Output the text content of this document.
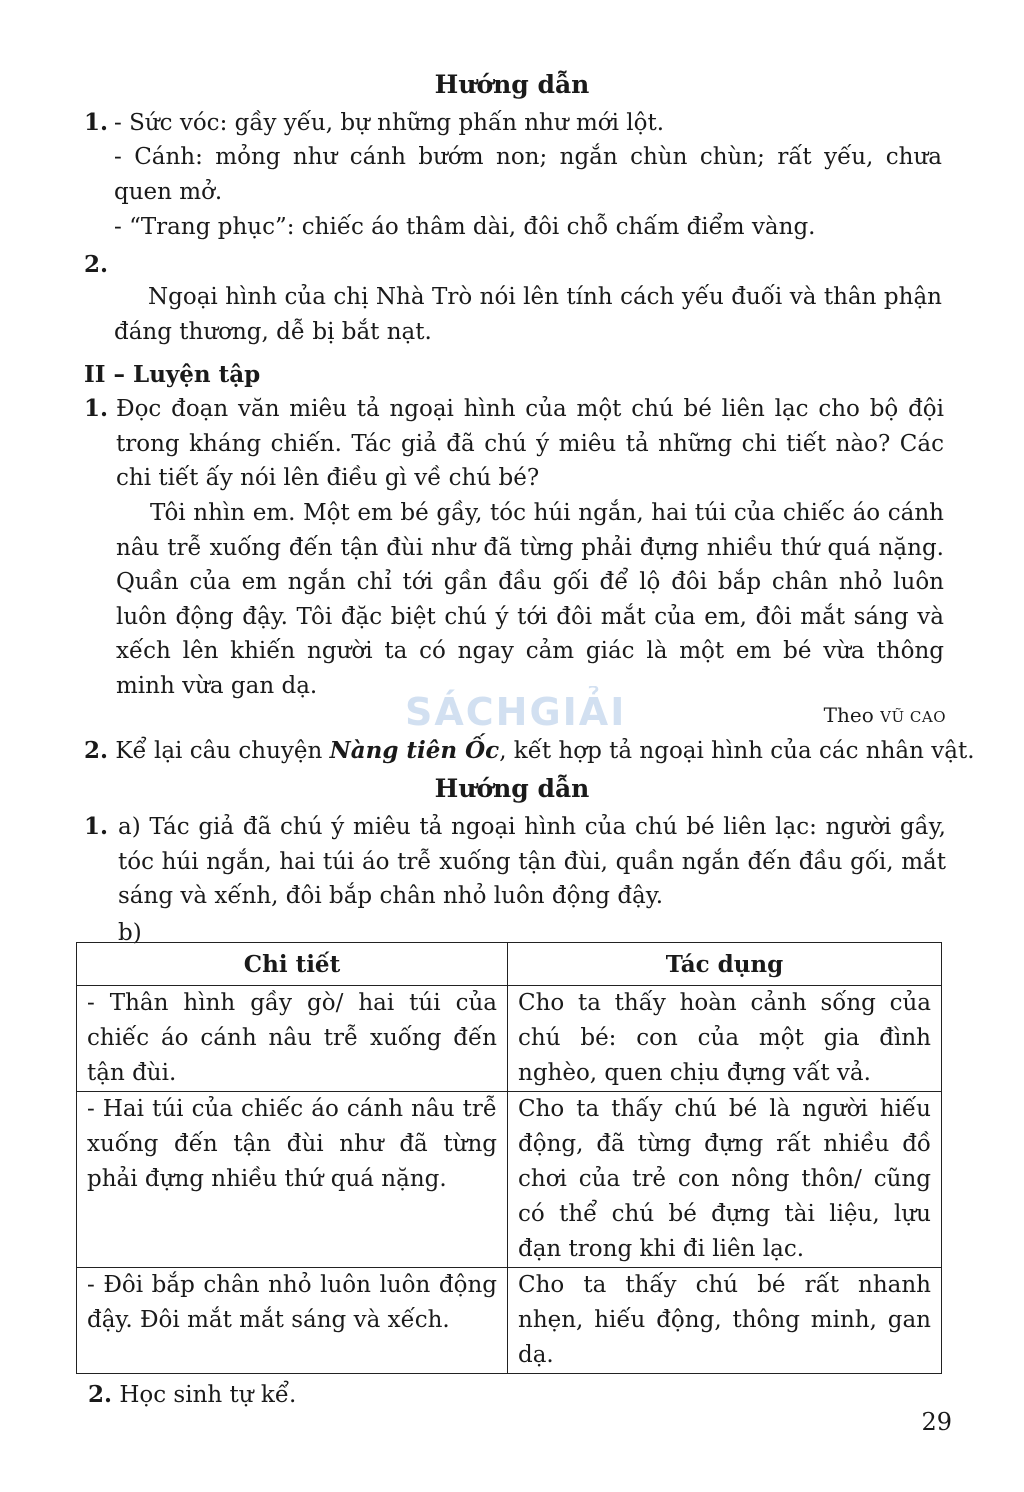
Hướng dẫn
1. - Sức vóc: gầy yếu, bự những phấn như mới lột.
- Cánh: mỏng như cánh bướm non; ngắn chùn chùn; rất yếu, chưa quen mở.
- “Trang phục”: chiếc áo thâm dài, đôi chỗ chấm điểm vàng.
2.
Ngoại hình của chị Nhà Trò nói lên tính cách yếu đuối và thân phận đáng thương, dễ bị bắt nạt.
II – Luyện tập
1. Đọc đoạn văn miêu tả ngoại hình của một chú bé liên lạc cho bộ đội trong kháng chiến. Tác giả đã chú ý miêu tả những chi tiết nào? Các chi tiết ấy nói lên điều gì về chú bé?
Tôi nhìn em. Một em bé gầy, tóc húi ngắn, hai túi của chiếc áo cánh nâu trễ xuống đến tận đùi như đã từng phải đựng nhiều thứ quá nặng. Quần của em ngắn chỉ tới gần đầu gối để lộ đôi bắp chân nhỏ luôn luôn động đậy. Tôi đặc biệt chú ý tới đôi mắt của em, đôi mắt sáng và xếch lên khiến người ta có ngay cảm giác là một em bé vừa thông minh vừa gan dạ.
Theo VŨ CAO
SÁCHGIẢI
2. Kể lại câu chuyện Nàng tiên Ốc, kết hợp tả ngoại hình của các nhân vật.
Hướng dẫn
1. a) Tác giả đã chú ý miêu tả ngoại hình của chú bé liên lạc: người gầy, tóc húi ngắn, hai túi áo trễ xuống tận đùi, quần ngắn đến đầu gối, mắt sáng và xếnh, đôi bắp chân nhỏ luôn động đậy.
b)
Chi tiết	Tác dụng
- Thân hình gầy gò/ hai túi của chiếc áo cánh nâu trễ xuống đến tận đùi.	Cho ta thấy hoàn cảnh sống của chú bé: con của một gia đình nghèo, quen chịu đựng vất vả.
- Hai túi của chiếc áo cánh nâu trễ xuống đến tận đùi như đã từng phải đựng nhiều thứ quá nặng.	Cho ta thấy chú bé là người hiếu động, đã từng đựng rất nhiều đồ chơi của trẻ con nông thôn/ cũng có thể chú bé đựng tài liệu, lựu đạn trong khi đi liên lạc.
- Đôi bắp chân nhỏ luôn luôn động đậy. Đôi mắt mắt sáng và xếch.	Cho ta thấy chú bé rất nhanh nhẹn, hiếu động, thông minh, gan dạ.
2. Học sinh tự kể.
29
